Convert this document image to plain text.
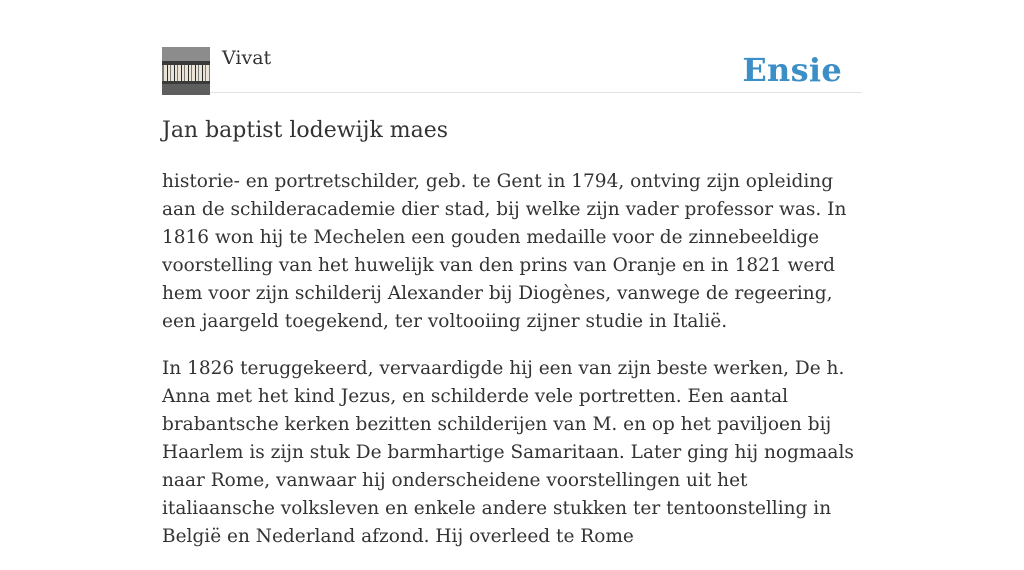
Vivat	Ensie
Jan baptist lodewijk maes

historie- en portretschilder, geb. te Gent in 1794, ontving zijn opleiding aan de schilderacademie dier stad, bij welke zijn vader professor was. In 1816 won hij te Mechelen een gouden medaille voor de zinnebeeldige voorstelling van het huwelijk van den prins van Oranje en in 1821 werd hem voor zijn schilderij Alexander bij Diogènes, vanwege de regeering, een jaargeld toegekend, ter voltooiing zijner studie in Italië.

In 1826 teruggekeerd, vervaardigde hij een van zijn beste werken, De h. Anna met het kind Jezus, en schilderde vele portretten. Een aantal brabantsche kerken bezitten schilderijen van M. en op het paviljoen bij Haarlem is zijn stuk De barmhartige Samaritaan. Later ging hij nogmaals naar Rome, vanwaar hij onderscheidene voorstellingen uit het italiaansche volksleven en enkele andere stukken ter tentoonstelling in België en Nederland afzond. Hij overleed te Rome
